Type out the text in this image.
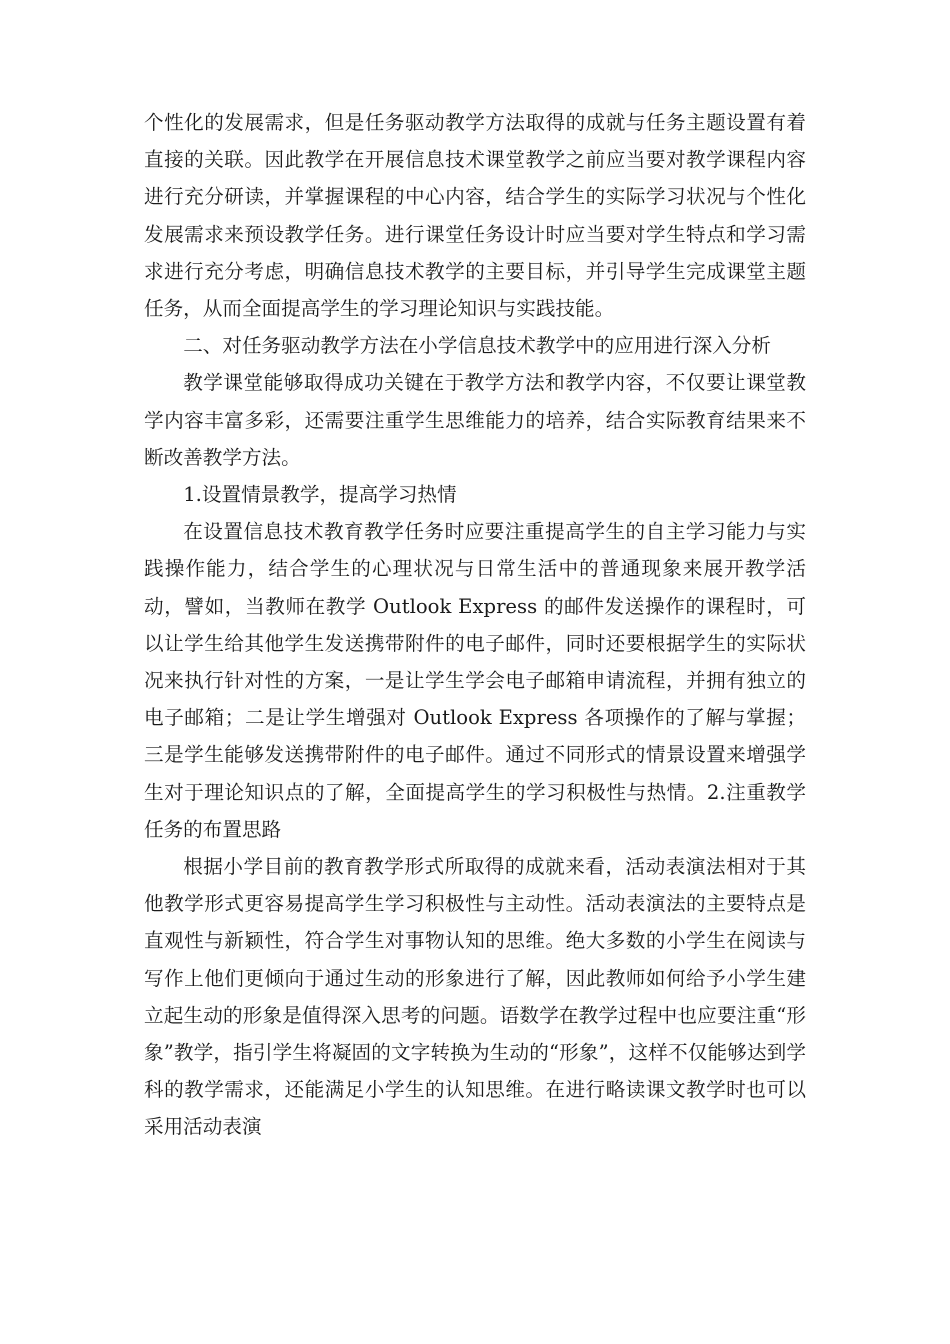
个性化的发展需求，但是任务驱动教学方法取得的成就与任务主题设置有着直接的关联。因此教学在开展信息技术课堂教学之前应当要对教学课程内容进行充分研读，并掌握课程的中心内容，结合学生的实际学习状况与个性化发展需求来预设教学任务。进行课堂任务设计时应当要对学生特点和学习需求进行充分考虑，明确信息技术教学的主要目标，并引导学生完成课堂主题任务，从而全面提高学生的学习理论知识与实践技能。

二、对任务驱动教学方法在小学信息技术教学中的应用进行深入分析

教学课堂能够取得成功关键在于教学方法和教学内容，不仅要让课堂教学内容丰富多彩，还需要注重学生思维能力的培养，结合实际教育结果来不断改善教学方法。

1.设置情景教学，提高学习热情

在设置信息技术教育教学任务时应要注重提高学生的自主学习能力与实践操作能力，结合学生的心理状况与日常生活中的普通现象来展开教学活动，譬如，当教师在教学 Outlook Express 的邮件发送操作的课程时，可以让学生给其他学生发送携带附件的电子邮件，同时还要根据学生的实际状况来执行针对性的方案，一是让学生学会电子邮箱申请流程，并拥有独立的电子邮箱；二是让学生增强对 Outlook Express 各项操作的了解与掌握；三是学生能够发送携带附件的电子邮件。通过不同形式的情景设置来增强学生对于理论知识点的了解，全面提高学生的学习积极性与热情。2.注重教学任务的布置思路

根据小学目前的教育教学形式所取得的成就来看，活动表演法相对于其他教学形式更容易提高学生学习积极性与主动性。活动表演法的主要特点是直观性与新颖性，符合学生对事物认知的思维。绝大多数的小学生在阅读与写作上他们更倾向于通过生动的形象进行了解，因此教师如何给予小学生建立起生动的形象是值得深入思考的问题。语数学在教学过程中也应要注重“形象”教学，指引学生将凝固的文字转换为生动的“形象”，这样不仅能够达到学科的教学需求，还能满足小学生的认知思维。在进行略读课文教学时也可以采用活动表演
